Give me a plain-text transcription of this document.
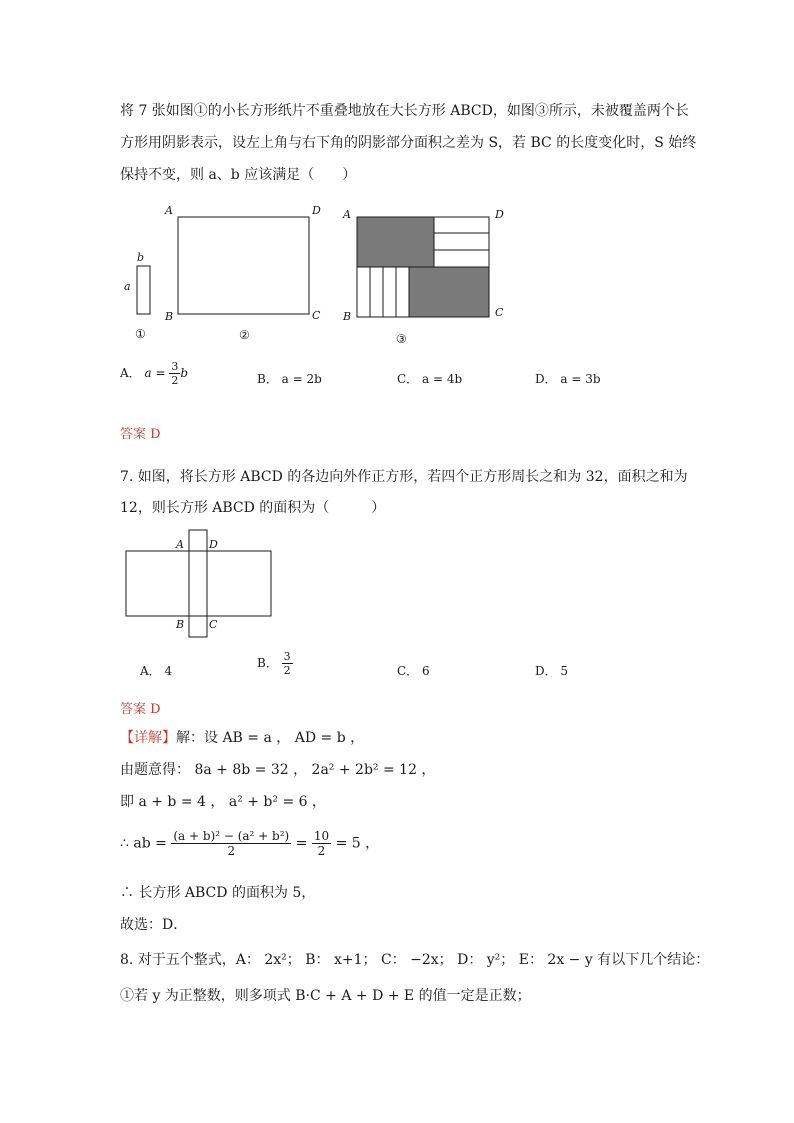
将 7 张如图①的小长方形纸片不重叠地放在大长方形 ABCD，如图③所示，未被覆盖两个长
方形用阴影表示，设左上角与右下角的阴影部分面积之差为 S，若 BC 的长度变化时，S 始终
保持不变，则 a、b 应该满足（　　）
b
a
①
A	D
B	C
②
A	D
B	C
③
A． $a = \frac{3}{2}$ b	B． a = 2b	C． a = 4b	D． a = 3b
答案 D
7. 如图，将长方形 ABCD 的各边向外作正方形，若四个正方形周长之和为 32，面积之和为
12，则长方形 ABCD 的面积为（　　　）
A D
B C
A． 4
B． $\frac{3}{2}$	C． 6	D． 5
答案 D
【详解】解：设 AB = a ， AD = b ，
由题意得： 8a + 8b = 32 ， 2a² + 2b² = 12 ，
即 a + b = 4 ， a² + b² = 6 ，
∴ ab = $\frac{\text{(a + b)² − (a² + b²)}}{2} = \frac{10}{2} = 5$ ，
∴ 长方形 ABCD 的面积为 5，
故选：D．
8. 对于五个整式，A： 2x²； B： x+1； C： −2x； D： y²； E： 2x − y 有以下几个结论：
①若 y 为正整数，则多项式 B·C + A + D + E 的值一定是正数；
